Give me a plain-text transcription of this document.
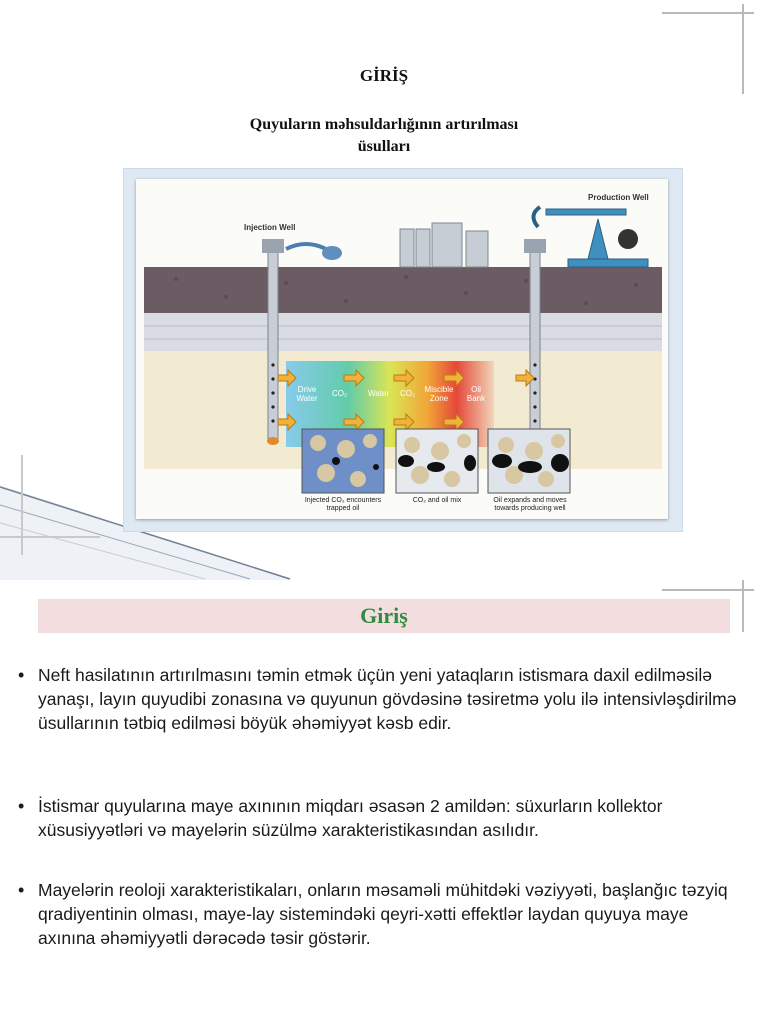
GİRİŞ
Quyuların məhsuldarlığının artırılması
üsulları
Injection Well
Production Well
Drive Water
CO₂	Water CO₂	Miscible Zone
Oil Bank
Injected CO₂ encounters trapped oil
CO₂ and oil mix	Oil expands and moves towards producing well
Giriş
• Neft hasilatının artırılmasını təmin etmək üçün yeni yataqların istismara daxil edilməsilə yanaşı, layın quyudibi zonasına və quyunun gövdəsinə təsiretmə yolu ilə intensivləşdirilmə üsullarının tətbiq edilməsi böyük əhəmiyyət kəsb edir.
• İstismar quyularına maye axınının miqdarı əsasən 2 amildən: süxurların kollektor xüsusiyyətləri və mayelərin süzülmə xarakteristikasından asılıdır.
• Mayelərin reoloji xarakteristikaları, onların məsaməli mühitdəki vəziyyəti, başlanğıc təzyiq qradiyentinin olması, maye-lay sistemindəki qeyri-xətti effektlər laydan quyuya maye axınına əhəmiyyətli dərəcədə təsir göstərir.
